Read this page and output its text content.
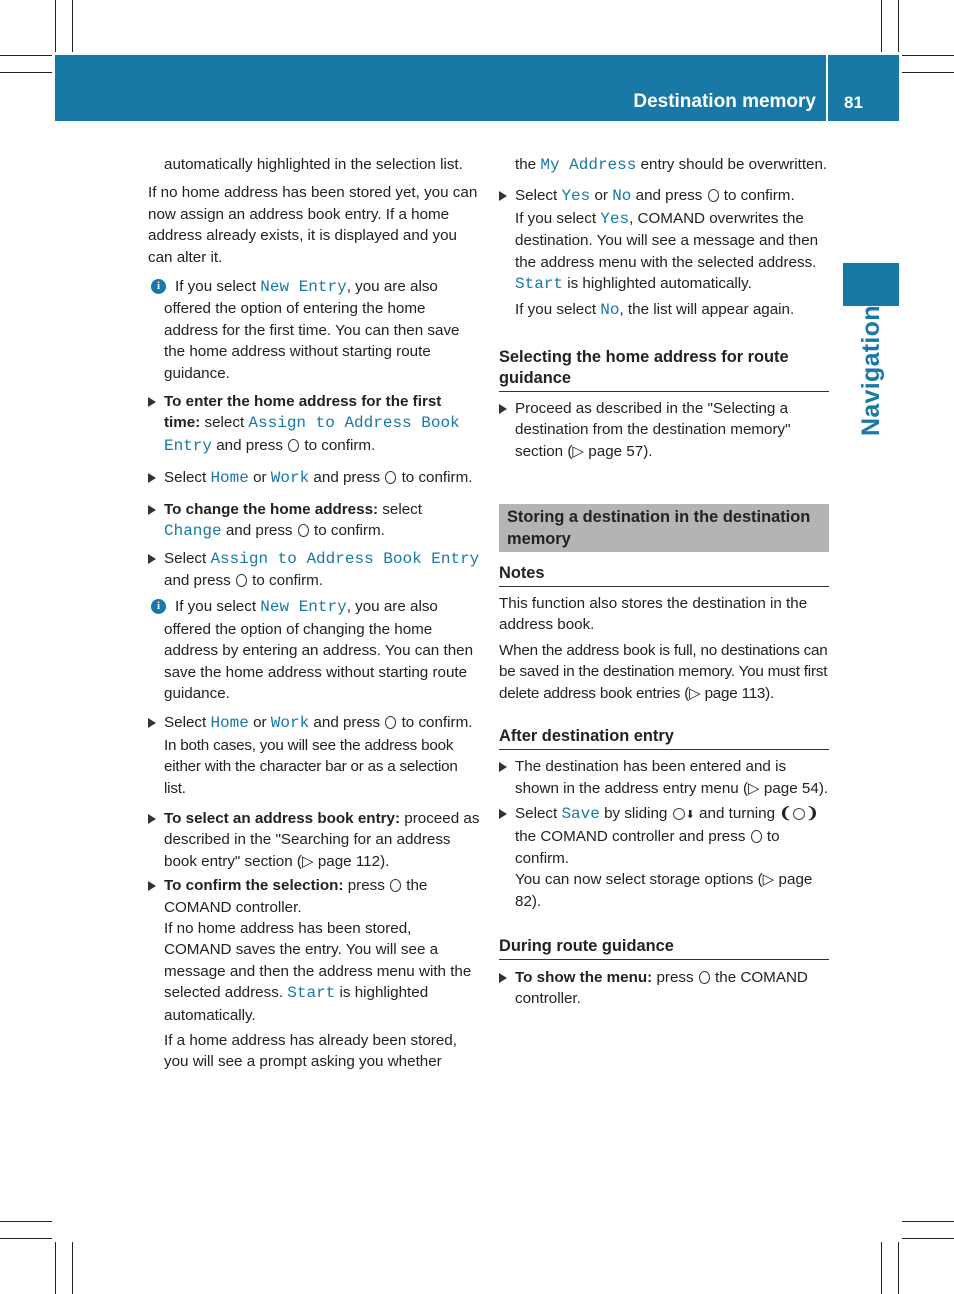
Destination memory 81
Navigation

automatically highlighted in the selection list.

If no home address has been stored yet, you can now assign an address book entry. If a home address already exists, it is displayed and you can alter it.

i If you select New Entry, you are also offered the option of entering the home address for the first time. You can then save the home address without starting route guidance.
To enter the home address for the first time: select Assign to Address Book Entry and press  to confirm.
Select Home or Work and press  to confirm.
To change the home address: select Change and press  to confirm.
Select Assign to Address Book Entry and press  to confirm.
i If you select New Entry, you are also offered the option of changing the home address by entering an address. You can then save the home address without starting route guidance.
Select Home or Work and press  to confirm.
In both cases, you will see the address book either with the character bar or as a selection list.
To select an address book entry: proceed as described in the "Searching for an address book entry" section (▷ page 112).
To confirm the selection: press  the COMAND controller.
If no home address has been stored, COMAND saves the entry. You will see a message and then the address menu with the selected address. Start is highlighted automatically.
If a home address has already been stored, you will see a prompt asking you whether

the My Address entry should be overwritten.

Select Yes or No and press  to confirm.
If you select Yes, COMAND overwrites the destination. You will see a message and then the address menu with the selected address. Start is highlighted automatically.
If you select No, the list will appear again.
Selecting the home address for route guidance
Proceed as described in the "Selecting a destination from the destination memory" section (▷ page 57).
Storing a destination in the destination memory
Notes

This function also stores the destination in the address book.

When the address book is full, no destinations can be saved in the destination memory. You must first delete address book entries (▷ page 113).

After destination entry
The destination has been entered and is shown in the address entry menu (▷ page 54).
Select Save by sliding ⬇ and turning ❨ ❩ the COMAND controller and press  to confirm.
You can now select storage options (▷ page 82).
During route guidance
To show the menu: press  the COMAND controller.
